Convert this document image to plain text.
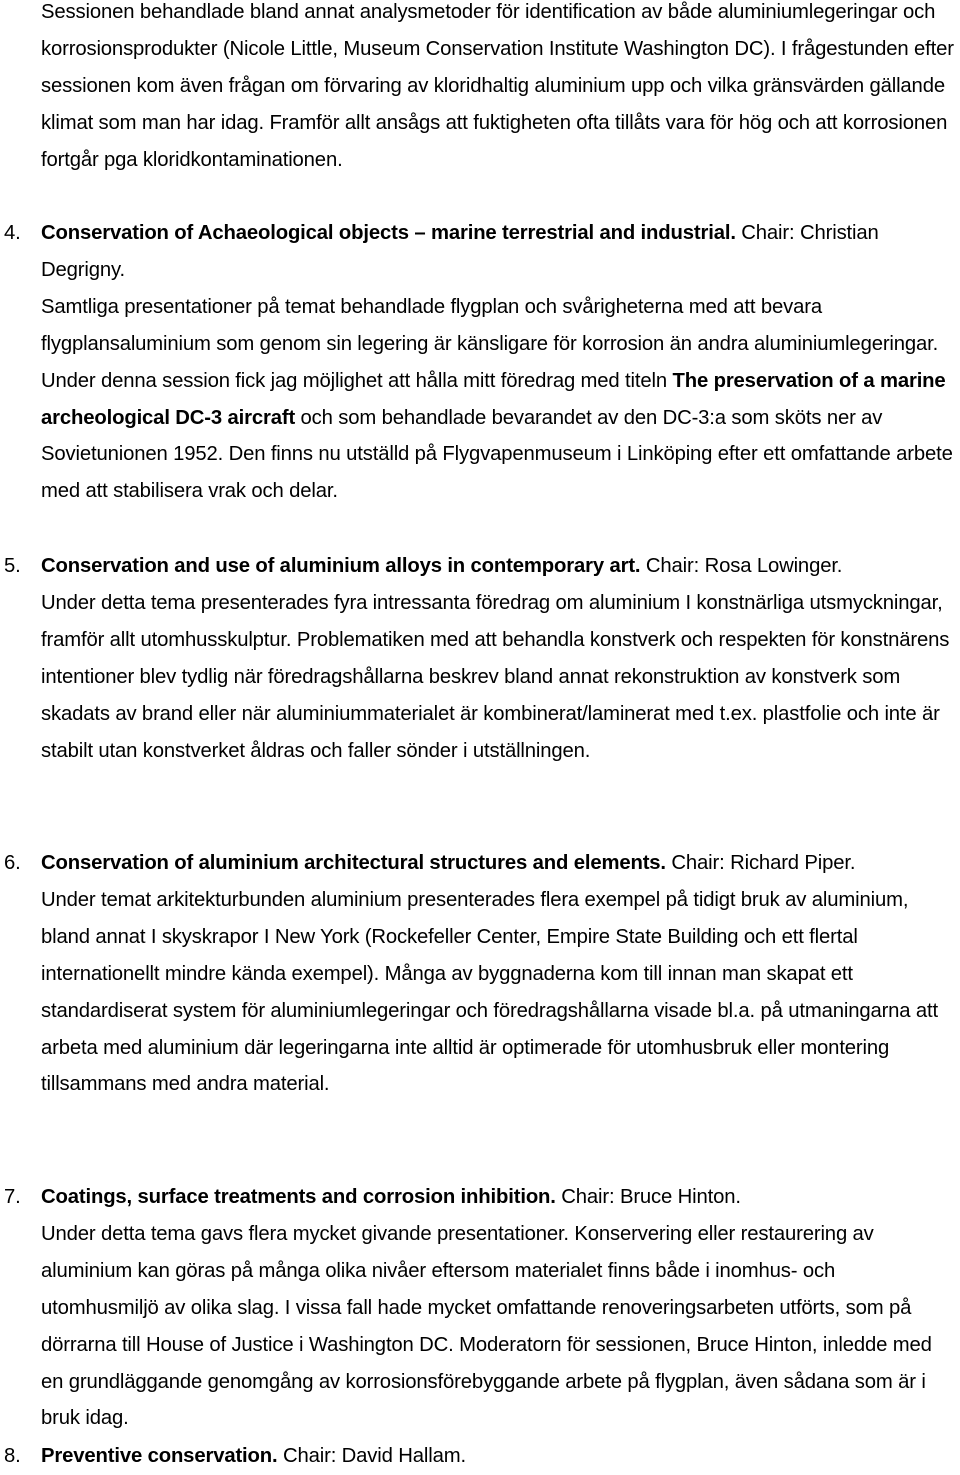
Sessionen behandlade bland annat analysmetoder för identification av både aluminiumlegeringar och korrosionsprodukter (Nicole Little, Museum Conservation Institute Washington DC). I frågestunden efter sessionen kom även frågan om förvaring av kloridhaltig aluminium upp och vilka gränsvärden gällande klimat som man har idag. Framför allt ansågs att fuktigheten ofta tillåts vara för hög och att korrosionen fortgår pga kloridkontaminationen.

4. Conservation of Achaeological objects – marine terrestrial and industrial. Chair: Christian Degrigny.
Samtliga presentationer på temat behandlade flygplan och svårigheterna med att bevara flygplansaluminium som genom sin legering är känsligare för korrosion än andra aluminiumlegeringar. Under denna session fick jag möjlighet att hålla mitt föredrag med titeln The preservation of a marine archeological DC-3 aircraft och som behandlade bevarandet av den DC-3:a som sköts ner av Sovietunionen 1952. Den finns nu utställd på Flygvapenmuseum i Linköping efter ett omfattande arbete med att stabilisera vrak och delar.
5. Conservation and use of aluminium alloys in contemporary art. Chair: Rosa Lowinger.
Under detta tema presenterades fyra intressanta föredrag om aluminium I konstnärliga utsmyckningar, framför allt utomhusskulptur. Problematiken med att behandla konstverk och respekten för konstnärens intentioner blev tydlig när föredragshållarna beskrev bland annat rekonstruktion av konstverk som skadats av brand eller när aluminiummaterialet är kombinerat/laminerat med t.ex. plastfolie och inte är stabilt utan konstverket åldras och faller sönder i utställningen.
6. Conservation of aluminium architectural structures and elements. Chair: Richard Piper.
Under temat arkitekturbunden aluminium presenterades flera exempel på tidigt bruk av aluminium, bland annat I skyskrapor I New York (Rockefeller Center, Empire State Building och ett flertal internationellt mindre kända exempel). Många av byggnaderna kom till innan man skapat ett standardiserat system för aluminiumlegeringar och föredragshållarna visade bl.a. på utmaningarna att arbeta med aluminium där legeringarna inte alltid är optimerade för utomhusbruk eller montering tillsammans med andra material.
7. Coatings, surface treatments and corrosion inhibition. Chair: Bruce Hinton.
Under detta tema gavs flera mycket givande presentationer. Konservering eller restaurering av aluminium kan göras på många olika nivåer eftersom materialet finns både i inomhus- och utomhusmiljö av olika slag. I vissa fall hade mycket omfattande renoveringsarbeten utförts, som på dörrarna till House of Justice i Washington DC. Moderatorn för sessionen, Bruce Hinton, inledde med en grundläggande genomgång av korrosionsförebyggande arbete på flygplan, även sådana som är i bruk idag.
8. Preventive conservation. Chair: David Hallam.
